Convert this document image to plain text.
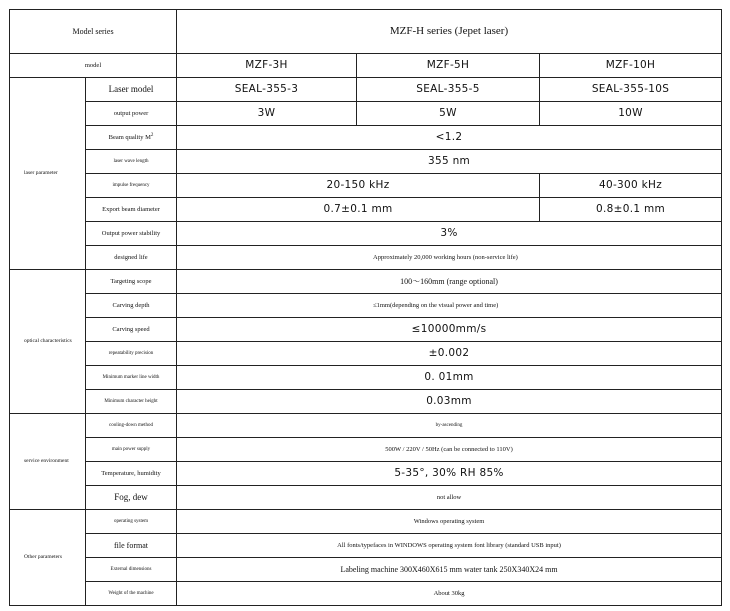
Model series		MZF-H series (Jepet laser)		
model		MZF-3H	MZF-5H	MZF-10H
laser parameter	Laser model	SEAL-355-3	SEAL-355-5	SEAL-355-10S
	output power	3W	5W	10W
	Beam quality $M^2$	<1.2		
	laser wave length	355 nm		
	impulse frequency	20-150 kHz		40-300 kHz
	Export beam diameter	0.7±0.1 mm		0.8±0.1 mm
	Output power stability	3%		
	designed life	Approximately 20,000 working hours (non-service life)		
optical characteristics	Targeting scope	100～160mm (range optional)		
	Carving depth	≤1mm(depending on the visual power and time)		
	Carving speed	≤10000mm/s		
	repeatability precision	±0.002		
	Minimum marker line width	0. 01mm		
	Minimum character height	0.03mm		
service environment	cooling-down method	by-ascending		
	main power supply	500W / 220V / 50Hz (can be connected to 110V)		
	Temperature, humidity	5-35°, 30% RH 85%		
	Fog, dew	not allow		
Other parameters	operating system	Windows operating system		
	file format	All fonts/typefaces in WINDOWS operating system font library (standard USB input)		
	External dimensions	Labeling machine 300X460X615 mm water tank 250X340X24 mm		
	Weight of the machine	About 30kg		
